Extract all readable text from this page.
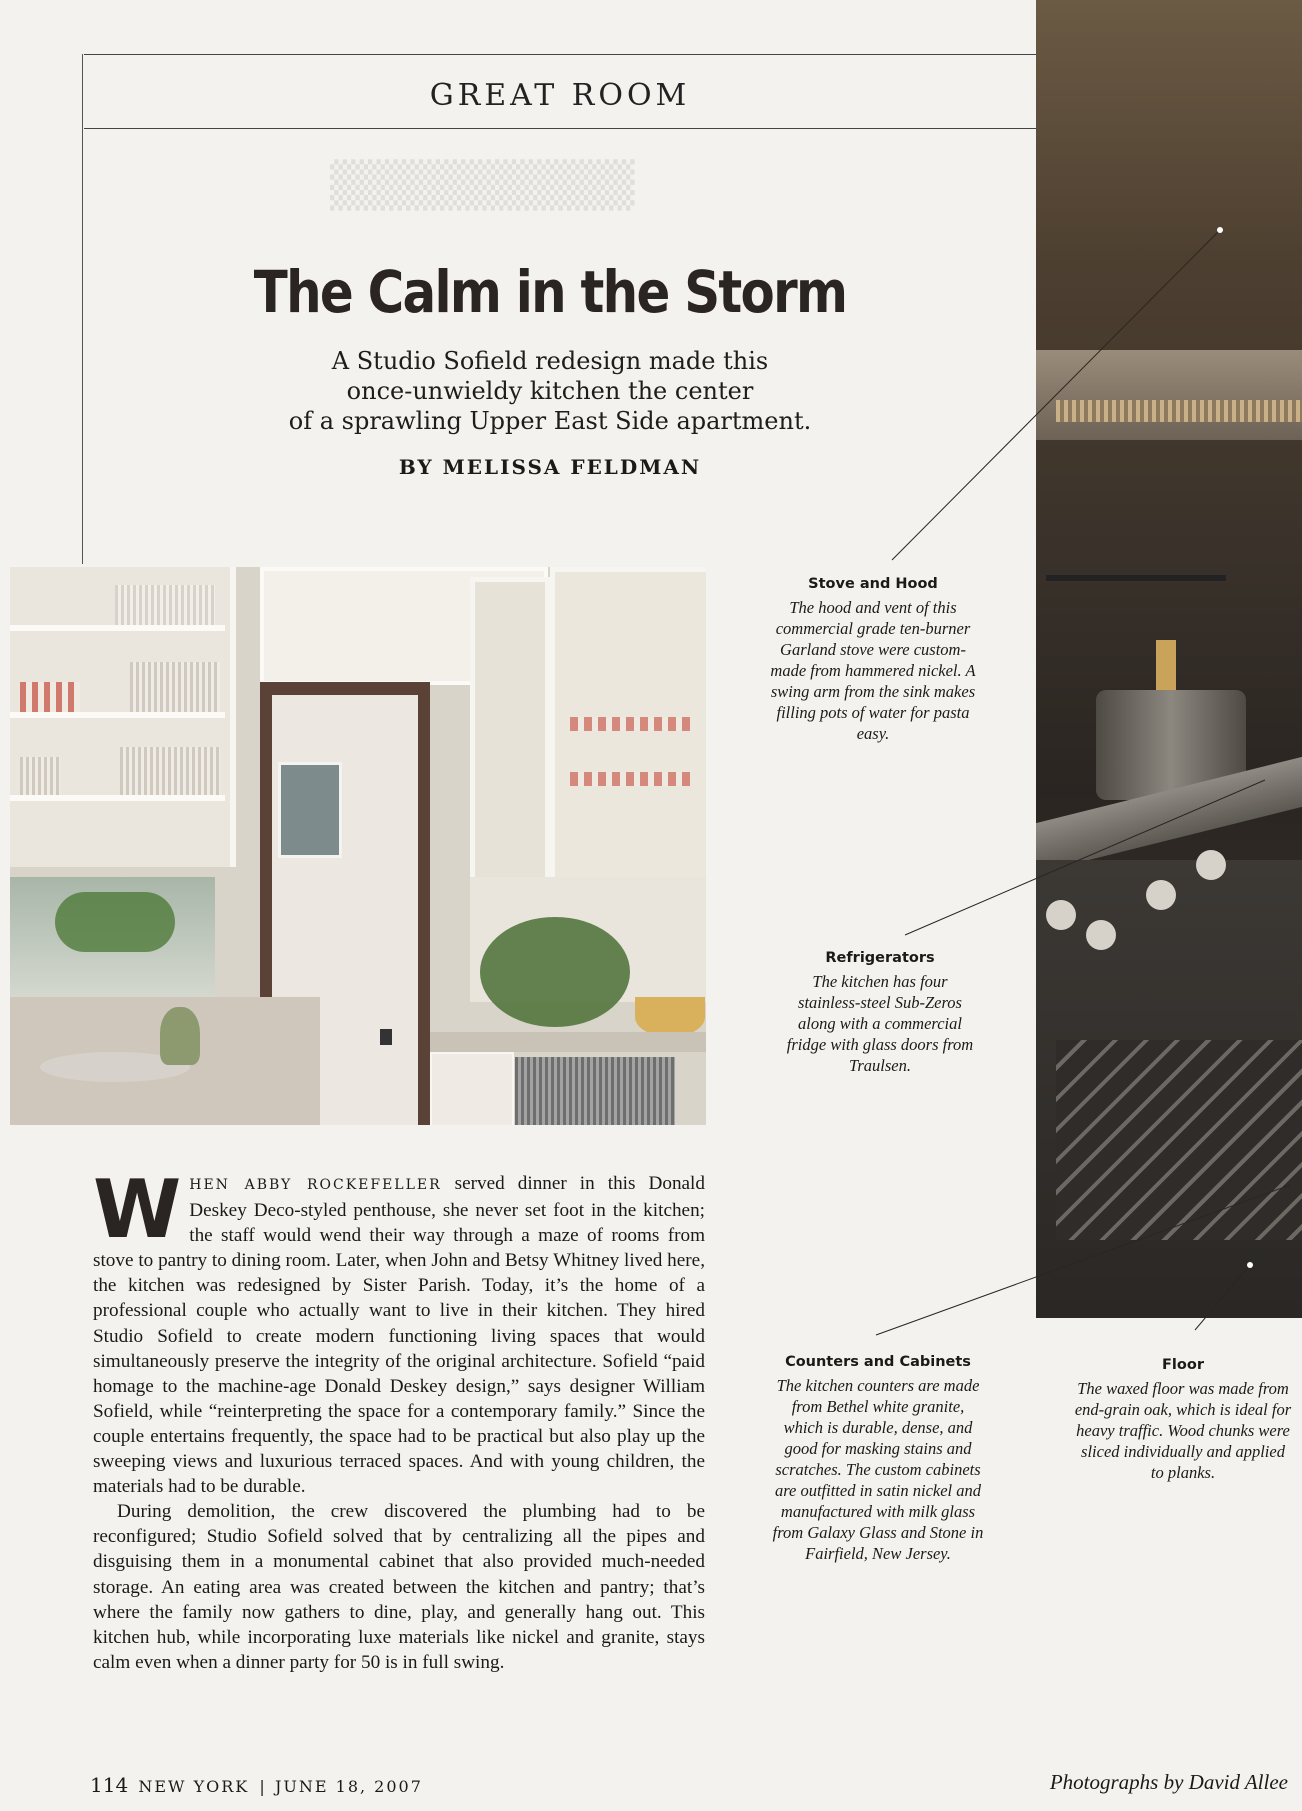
▒▒▒▒▒▒▒▒▒
GREAT ROOM
The Calm in the Storm
A Studio Sofield redesign made this
once-unwieldy kitchen the center
of a sprawling Upper East Side apartment.
BY MELISSA FELDMAN
Stove and Hood
The hood and vent of this commercial grade ten-burner Garland stove were custom-made from hammered nickel. A swing arm from the sink makes filling pots of water for pasta easy.
Refrigerators
The kitchen has four stainless-steel Sub-Zeros along with a commercial fridge with glass doors from Traulsen.
Counters and Cabinets
The kitchen counters are made from Bethel white granite, which is durable, dense, and good for masking stains and scratches. The custom cabinets are outfitted in satin nickel and manufactured with milk glass from Galaxy Glass and Stone in Fairfield, New Jersey.
Floor
The waxed floor was made from end-grain oak, which is ideal for heavy traffic. Wood chunks were sliced individually and applied to planks.

WHEN ABBY ROCKEFELLER served dinner in this Donald Deskey Deco-styled penthouse, she never set foot in the kitchen; the staff would wend their way through a maze of rooms from stove to pantry to dining room. Later, when John and Betsy Whitney lived here, the kitchen was redesigned by Sister Parish. Today, it’s the home of a professional couple who actually want to live in their kitchen. They hired Studio Sofield to create modern functioning living spaces that would simultaneously preserve the integrity of the original architecture. Sofield “paid homage to the machine-age Donald Deskey design,” says designer William Sofield, while “reinterpreting the space for a contemporary family.” Since the couple entertains frequently, the space had to be practical but also play up the sweeping views and luxurious terraced spaces. And with young children, the materials had to be durable.

During demolition, the crew discovered the plumbing had to be reconfigured; Studio Sofield solved that by centralizing all the pipes and disguising them in a monumental cabinet that also provided much-needed storage. An eating area was created between the kitchen and pantry; that’s where the family now gathers to dine, play, and generally hang out. This kitchen hub, while incorporating luxe materials like nickel and granite, stays calm even when a dinner party for 50 is in full swing.

114 NEW YORK  |  JUNE 18, 2007	Photographs by David Allee
